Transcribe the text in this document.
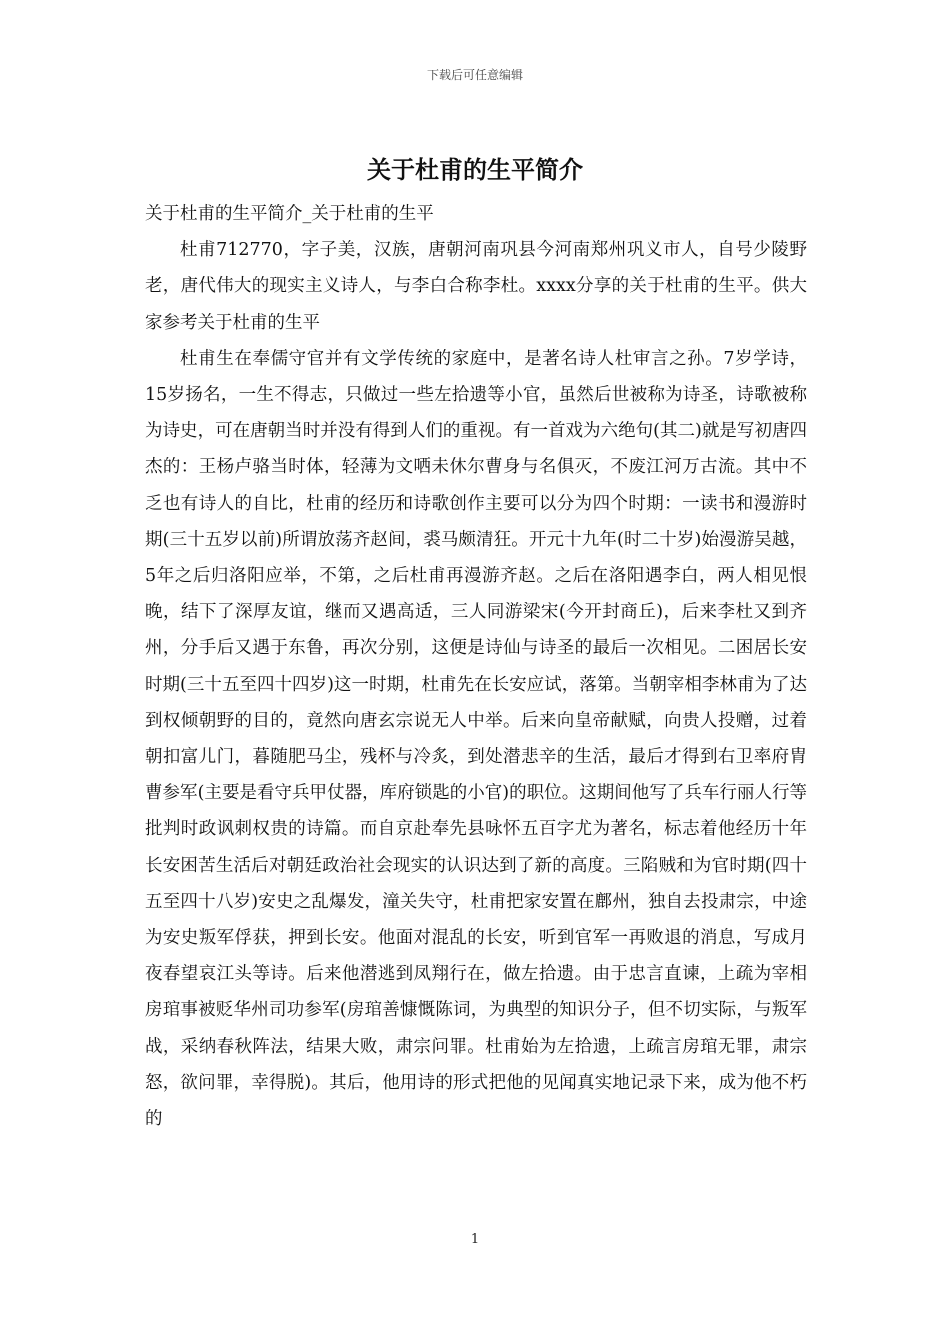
下载后可任意编辑
关于杜甫的生平简介

关于杜甫的生平简介_关于杜甫的生平

杜甫712770，字子美，汉族，唐朝河南巩县今河南郑州巩义市人，自号少陵野老，唐代伟大的现实主义诗人，与李白合称李杜。xxxx分享的关于杜甫的生平。供大家参考关于杜甫的生平

杜甫生在奉儒守官并有文学传统的家庭中，是著名诗人杜审言之孙。7岁学诗，15岁扬名，一生不得志，只做过一些左拾遗等小官，虽然后世被称为诗圣，诗歌被称为诗史，可在唐朝当时并没有得到人们的重视。有一首戏为六绝句(其二)就是写初唐四杰的：王杨卢骆当时体，轻薄为文哂未休尔曹身与名俱灭，不废江河万古流。其中不乏也有诗人的自比，杜甫的经历和诗歌创作主要可以分为四个时期：一读书和漫游时期(三十五岁以前)所谓放荡齐赵间，裘马颇清狂。开元十九年(时二十岁)始漫游吴越，5年之后归洛阳应举，不第，之后杜甫再漫游齐赵。之后在洛阳遇李白，两人相见恨晚，结下了深厚友谊，继而又遇高适，三人同游梁宋(今开封商丘)，后来李杜又到齐州，分手后又遇于东鲁，再次分别，这便是诗仙与诗圣的最后一次相见。二困居长安时期(三十五至四十四岁)这一时期，杜甫先在长安应试，落第。当朝宰相李林甫为了达到权倾朝野的目的，竟然向唐玄宗说无人中举。后来向皇帝献赋，向贵人投赠，过着朝扣富儿门，暮随肥马尘，残杯与冷炙，到处潜悲辛的生活，最后才得到右卫率府胄曹参军(主要是看守兵甲仗器，库府锁匙的小官)的职位。这期间他写了兵车行丽人行等批判时政讽刺权贵的诗篇。而自京赴奉先县咏怀五百字尤为著名，标志着他经历十年长安困苦生活后对朝廷政治社会现实的认识达到了新的高度。三陷贼和为官时期(四十五至四十八岁)安史之乱爆发，潼关失守，杜甫把家安置在鄜州，独自去投肃宗，中途为安史叛军俘获，押到长安。他面对混乱的长安，听到官军一再败退的消息，写成月夜春望哀江头等诗。后来他潜逃到凤翔行在，做左拾遗。由于忠言直谏，上疏为宰相房琯事被贬华州司功参军(房琯善慷慨陈词，为典型的知识分子，但不切实际，与叛军战，采纳春秋阵法，结果大败，肃宗问罪。杜甫始为左拾遗，上疏言房琯无罪，肃宗怒，欲问罪，幸得脱)。其后，他用诗的形式把他的见闻真实地记录下来，成为他不朽的

1
